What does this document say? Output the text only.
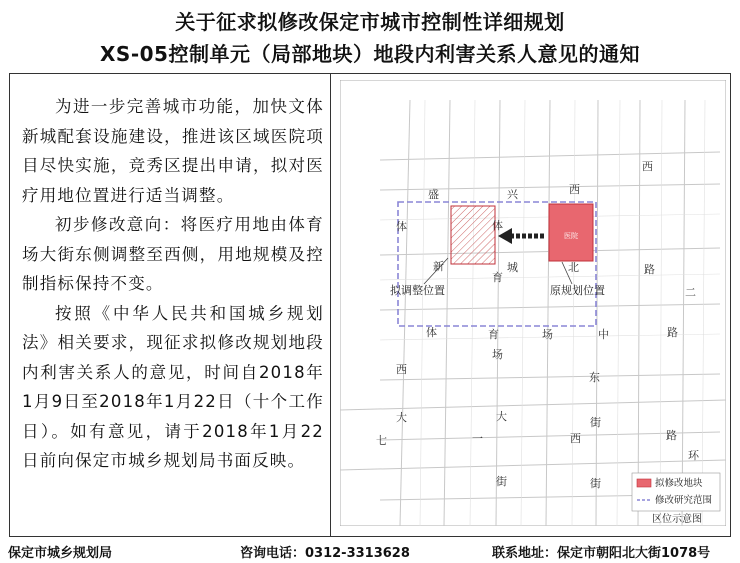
关于征求拟修改保定市城市控制性详细规划
XS-05控制单元（局部地块）地段内利害关系人意见的通知

为进一步完善城市功能，加快文体新城配套设施建设，推进该区域医院项目尽快实施，竞秀区提出申请，拟对医疗用地位置进行适当调整。

初步修改意向：将医疗用地由体育场大街东侧调整至西侧，用地规模及控制指标保持不变。

按照《中华人民共和国城乡规划法》相关要求，现征求拟修改规划地段内利害关系人的意见，时间自2018年1月9日至2018年1月22日（十个工作日）。如有意见，请于2018年1月22日前向保定市城乡规划局书面反映。

医院
拟调整位置	原规划位置
盛	兴	西
西
体
新	城	北	路
体
育
体	育	场	中	路
场
西
东
大	街
大
七	一	西	路
街	街
二
环
拟修改地块
修改研究范围
区位示意图
保定市城乡规划局	咨询电话：0312-3313628	联系地址：保定市朝阳北大街1078号
